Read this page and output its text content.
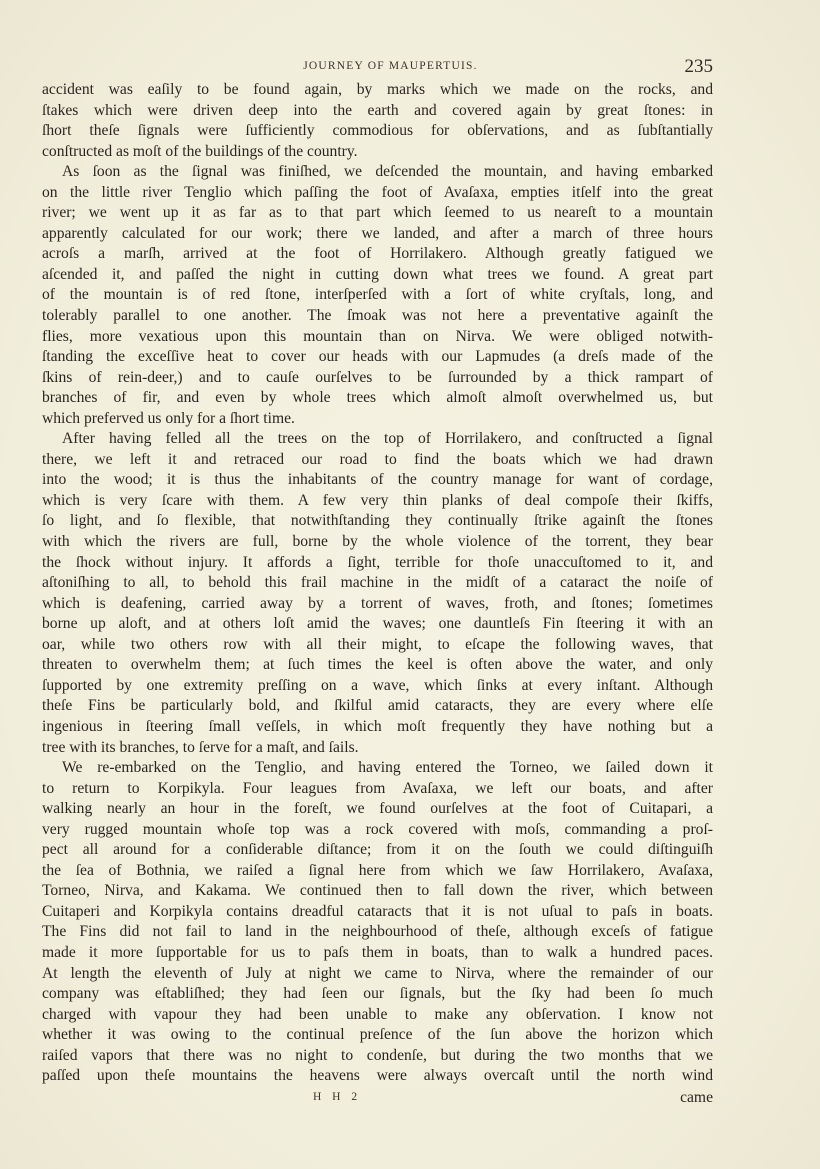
JOURNEY OF MAUPERTUIS.	235

accident was eaſily to be found again, by marks which we made on the rocks, and
ſtakes which were driven deep into the earth and covered again by great ſtones: in
ſhort theſe ſignals were ſufficiently commodious for obſervations, and as ſubſtantially
conſtructed as moſt of the buildings of the country.

As ſoon as the ſignal was finiſhed, we deſcended the mountain, and having embarked
on the little river Tenglio which paſſing the foot of Avaſaxa, empties itſelf into the great
river; we went up it as far as to that part which ſeemed to us neareſt to a mountain
apparently calculated for our work; there we landed, and after a march of three hours
acroſs a marſh, arrived at the foot of Horrilakero. Although greatly fatigued we
aſcended it, and paſſed the night in cutting down what trees we found. A great part
of the mountain is of red ſtone, interſperſed with a ſort of white cryſtals, long, and
tolerably parallel to one another. The ſmoak was not here a preventative againſt the
flies, more vexatious upon this mountain than on Nirva. We were obliged notwith-
ſtanding the exceſſive heat to cover our heads with our Lapmudes (a dreſs made of the
ſkins of rein-deer,) and to cauſe ourſelves to be ſurrounded by a thick rampart of
branches of fir, and even by whole trees which almoſt almoſt overwhelmed us, but
which preferved us only for a ſhort time.

After having felled all the trees on the top of Horrilakero, and conſtructed a ſignal
there, we left it and retraced our road to find the boats which we had drawn
into the wood; it is thus the inhabitants of the country manage for want of cordage,
which is very ſcare with them. A few very thin planks of deal compoſe their ſkiffs,
ſo light, and ſo flexible, that notwithſtanding they continually ſtrike againſt the ſtones
with which the rivers are full, borne by the whole violence of the torrent, they bear
the ſhock without injury. It affords a ſight, terrible for thoſe unaccuſtomed to it, and
aſtoniſhing to all, to behold this frail machine in the midſt of a cataract the noiſe of
which is deafening, carried away by a torrent of waves, froth, and ſtones; ſometimes
borne up aloft, and at others loſt amid the waves; one dauntleſs Fin ſteering it with an
oar, while two others row with all their might, to eſcape the following waves, that
threaten to overwhelm them; at ſuch times the keel is often above the water, and only
ſupported by one extremity preſſing on a wave, which ſinks at every inſtant. Although
theſe Fins be particularly bold, and ſkilful amid cataracts, they are every where elſe
ingenious in ſteering ſmall veſſels, in which moſt frequently they have nothing but a
tree with its branches, to ſerve for a maſt, and ſails.

We re-embarked on the Tenglio, and having entered the Torneo, we ſailed down it
to return to Korpikyla. Four leagues from Avaſaxa, we left our boats, and after
walking nearly an hour in the foreſt, we found ourſelves at the foot of Cuitapari, a
very rugged mountain whoſe top was a rock covered with moſs, commanding a proſ-
pect all around for a conſiderable diſtance; from it on the ſouth we could diſtinguiſh
the ſea of Bothnia, we raiſed a ſignal here from which we ſaw Horrilakero, Avaſaxa,
Torneo, Nirva, and Kakama. We continued then to fall down the river, which between
Cuitaperi and Korpikyla contains dreadful cataracts that it is not uſual to paſs in boats.
The Fins did not fail to land in the neighbourhood of theſe, although exceſs of fatigue
made it more ſupportable for us to paſs them in boats, than to walk a hundred paces.
At length the eleventh of July at night we came to Nirva, where the remainder of our
company was eſtabliſhed; they had ſeen our ſignals, but the ſky had been ſo much
charged with vapour they had been unable to make any obſervation. I know not
whether it was owing to the continual preſence of the ſun above the horizon which
raiſed vapors that there was no night to condenſe, but during the two months that we
paſſed upon theſe mountains the heavens were always overcaſt until the north wind

H H 2	came
